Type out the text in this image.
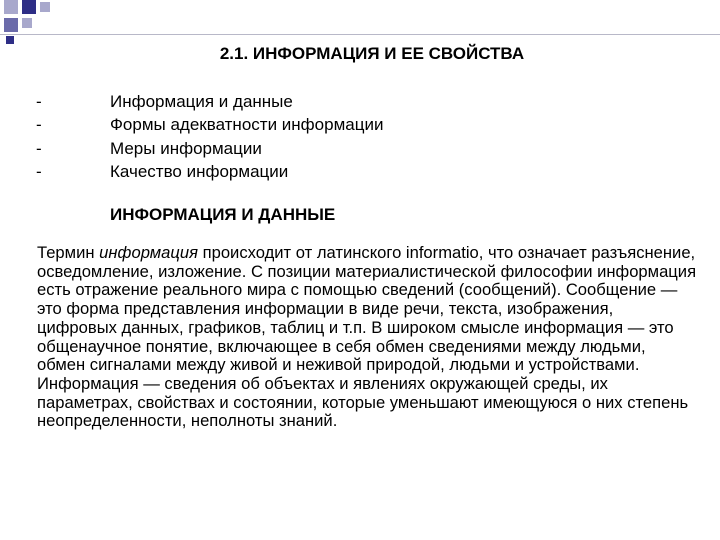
2.1. ИНФОРМАЦИЯ И ЕЕ СВОЙСТВА
-	Информация и данные
-	Формы адекватности информации
-	Меры информации
-	Качество информации
ИНФОРМАЦИЯ И ДАННЫЕ

Термин информация происходит от латинского informatio, что означает разъяснение, осведомление, изложение. С позиции материалистической философии информация есть отражение реального мира с помощью сведений (сообщений). Сообщение — это форма представления информации в виде речи, текста, изображения, цифровых данных, графиков, таблиц и т.п. В широком смысле информация — это общенаучное понятие, включающее в себя обмен сведениями между людьми, обмен сигналами между живой и неживой природой, людьми и устройствами.

Информация — сведения об объектах и явлениях окружающей среды, их параметрах, свойствах и состоянии, которые уменьшают имеющуюся о них степень неопределенности, неполноты знаний.
